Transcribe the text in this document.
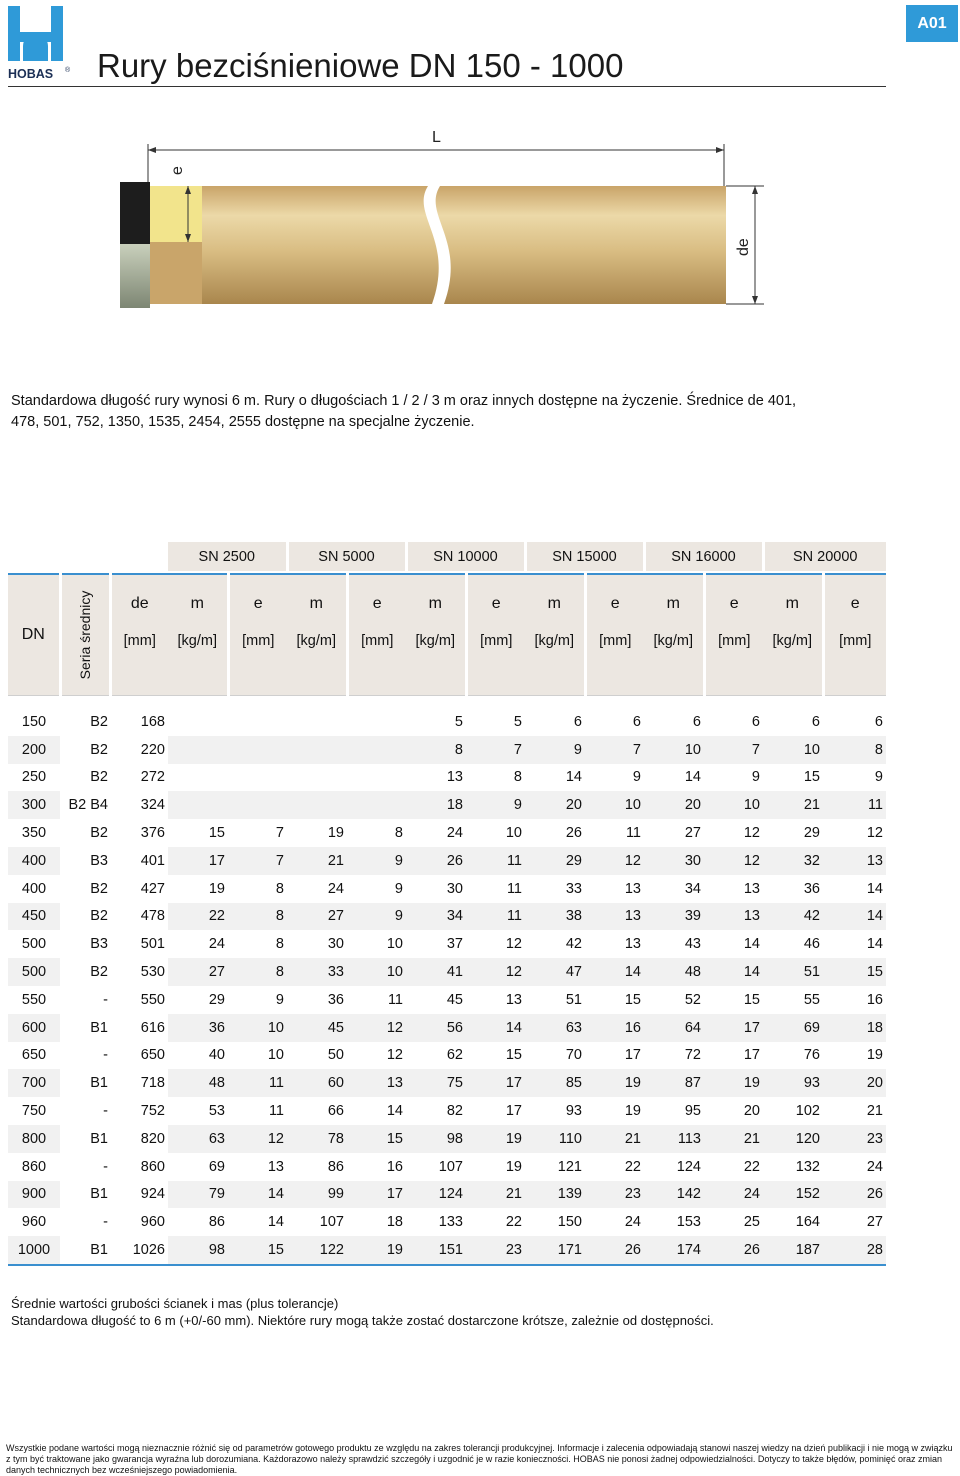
HOBAS ® Rury bezciśnieniowe DN 150 - 1000
A01
L
e
de
Standardowa długość rury wynosi 6 m. Rury o długościach 1 / 2 / 3 m oraz innych dostępne na życzenie. Średnice de 401,
478, 501, 752, 1350, 1535, 2454, 2555 dostępne na specjalne życzenie.
			SN 2500		SN 5000		SN 10000		SN 15000		SN 16000		SN 20000	

DN	Seria średnicy	de	m	e	m	e	m	e	m	e	m	e	m	e
		[mm]	[kg/m]	[mm]	[kg/m]	[mm]	[kg/m]	[mm]	[kg/m]	[mm]	[kg/m]	[mm]	[kg/m]	[mm]

150	B2	168					5	5	6	6	6	6	6	6
200	B2	220					8	7	9	7	10	7	10	8
250	B2	272					13	8	14	9	14	9	15	9
300	B2 B4	324					18	9	20	10	20	10	21	11
350	B2	376	15	7	19	8	24	10	26	11	27	12	29	12
400	B3	401	17	7	21	9	26	11	29	12	30	12	32	13
400	B2	427	19	8	24	9	30	11	33	13	34	13	36	14
450	B2	478	22	8	27	9	34	11	38	13	39	13	42	14
500	B3	501	24	8	30	10	37	12	42	13	43	14	46	14
500	B2	530	27	8	33	10	41	12	47	14	48	14	51	15
550	-	550	29	9	36	11	45	13	51	15	52	15	55	16
600	B1	616	36	10	45	12	56	14	63	16	64	17	69	18
650	-	650	40	10	50	12	62	15	70	17	72	17	76	19
700	B1	718	48	11	60	13	75	17	85	19	87	19	93	20
750	-	752	53	11	66	14	82	17	93	19	95	20	102	21
800	B1	820	63	12	78	15	98	19	110	21	113	21	120	23
860	-	860	69	13	86	16	107	19	121	22	124	22	132	24
900	B1	924	79	14	99	17	124	21	139	23	142	24	152	26
960	-	960	86	14	107	18	133	22	150	24	153	25	164	27
1000	B1	1026	98	15	122	19	151	23	171	26	174	26	187	28
Średnie wartości grubości ścianek i mas (plus tolerancje)
Standardowa długość to 6 m (+0/-60 mm). Niektóre rury mogą także zostać dostarczone krótsze, zależnie od dostępności.
Wszystkie podane wartości mogą nieznacznie różnić się od parametrów gotowego produktu ze względu na zakres tolerancji produkcyjnej. Informacje i zalecenia odpowiadają stanowi naszej wiedzy na dzień publikacji i nie mogą w związku z tym być traktowane jako gwarancja wyraźna lub dorozumiana. Każdorazowo należy sprawdzić szczegóły i uzgodnić je w razie konieczności. HOBAS nie ponosi żadnej odpowiedzialności. Dotyczy to także błędów, pominięć oraz zmian danych technicznych bez wcześniejszego powiadomienia.
